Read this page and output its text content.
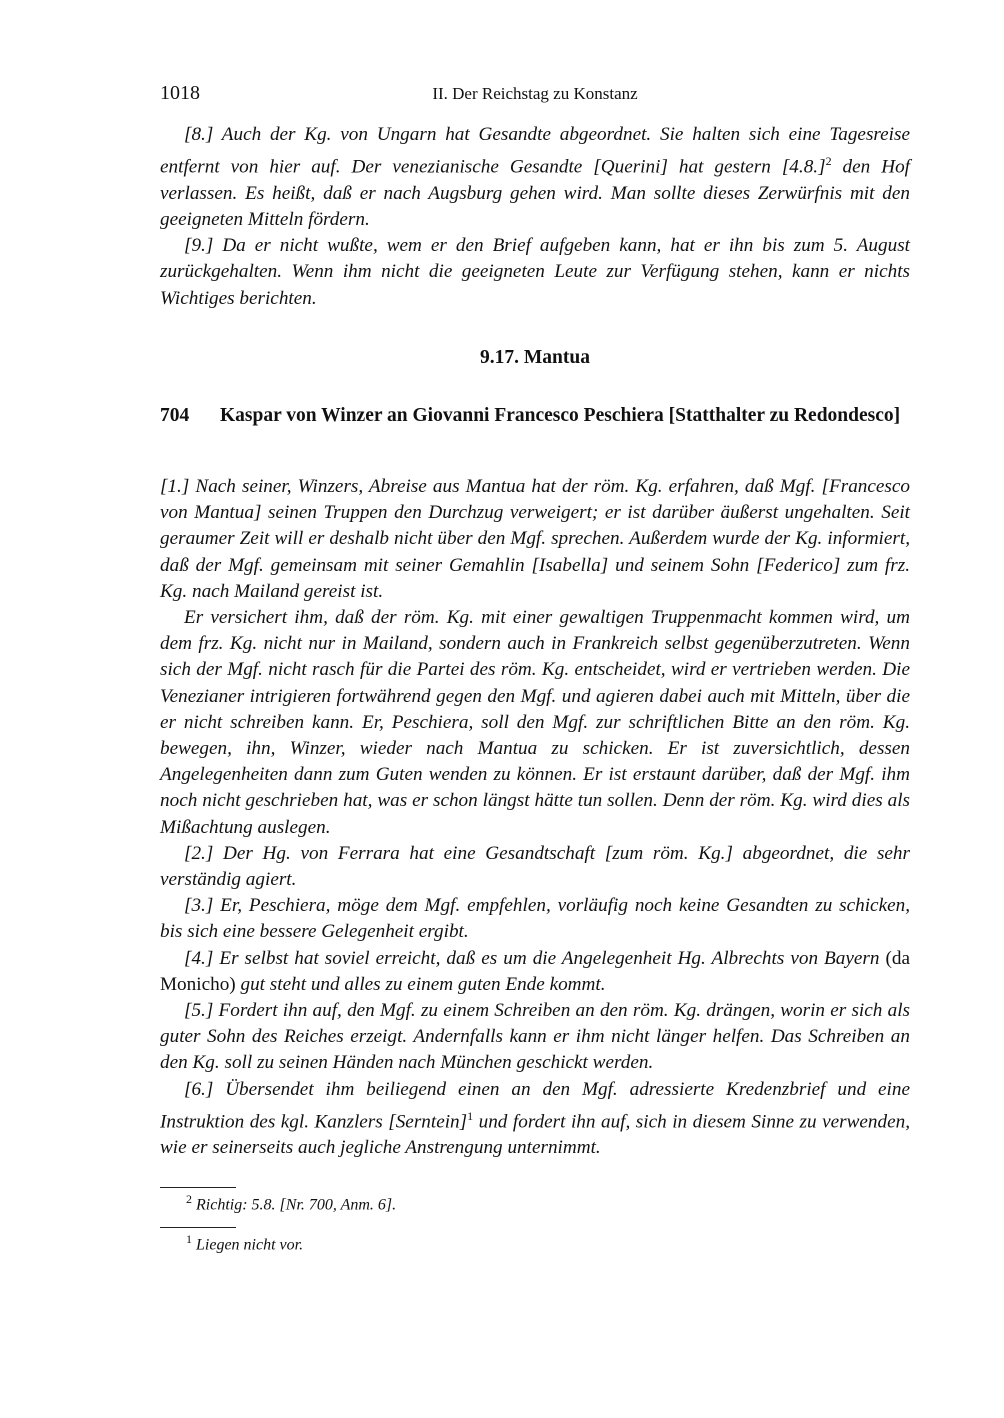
1018	II. Der Reichstag zu Konstanz

[8.] Auch der Kg. von Ungarn hat Gesandte abgeordnet. Sie halten sich eine Tagesreise entfernt von hier auf. Der venezianische Gesandte [Querini] hat gestern $[4.8.]^2$ den Hof verlassen. Es heißt, daß er nach Augsburg gehen wird. Man sollte dieses Zerwürfnis mit den geeigneten Mitteln fördern.

[9.] Da er nicht wußte, wem er den Brief aufgeben kann, hat er ihn bis zum 5. August zurückgehalten. Wenn ihm nicht die geeigneten Leute zur Verfügung stehen, kann er nichts Wichtiges berichten.

9.17. Mantua
704 Kaspar von Winzer an Giovanni Francesco Peschiera [Statthalter zu Redondesco]

[1.] Nach seiner, Winzers, Abreise aus Mantua hat der röm. Kg. erfahren, daß Mgf. [Francesco von Mantua] seinen Truppen den Durchzug verweigert; er ist darüber äußerst ungehalten. Seit geraumer Zeit will er deshalb nicht über den Mgf. sprechen. Außerdem wurde der Kg. informiert, daß der Mgf. gemeinsam mit seiner Gemahlin [Isabella] und seinem Sohn [Federico] zum frz. Kg. nach Mailand gereist ist.

Er versichert ihm, daß der röm. Kg. mit einer gewaltigen Truppenmacht kommen wird, um dem frz. Kg. nicht nur in Mailand, sondern auch in Frankreich selbst gegenüberzutreten. Wenn sich der Mgf. nicht rasch für die Partei des röm. Kg. entscheidet, wird er vertrieben werden. Die Venezianer intrigieren fortwährend gegen den Mgf. und agieren dabei auch mit Mitteln, über die er nicht schreiben kann. Er, Peschiera, soll den Mgf. zur schriftlichen Bitte an den röm. Kg. bewegen, ihn, Winzer, wieder nach Mantua zu schicken. Er ist zuversichtlich, dessen Angelegenheiten dann zum Guten wenden zu können. Er ist erstaunt darüber, daß der Mgf. ihm noch nicht geschrieben hat, was er schon längst hätte tun sollen. Denn der röm. Kg. wird dies als Mißachtung auslegen.

[2.] Der Hg. von Ferrara hat eine Gesandtschaft [zum röm. Kg.] abgeordnet, die sehr verständig agiert.

[3.] Er, Peschiera, möge dem Mgf. empfehlen, vorläufig noch keine Gesandten zu schicken, bis sich eine bessere Gelegenheit ergibt.

[4.] Er selbst hat soviel erreicht, daß es um die Angelegenheit Hg. Albrechts von Bayern (da Monicho) gut steht und alles zu einem guten Ende kommt.

[5.] Fordert ihn auf, den Mgf. zu einem Schreiben an den röm. Kg. drängen, worin er sich als guter Sohn des Reiches erzeigt. Andernfalls kann er ihm nicht länger helfen. Das Schreiben an den Kg. soll zu seinen Händen nach München geschickt werden.

[6.] Übersendet ihm beiliegend einen an den Mgf. adressierte Kredenzbrief und eine Instruktion des kgl. Kanzlers [Serntein]$^1$ und fordert ihn auf, sich in diesem Sinne zu verwenden, wie er seinerseits auch jegliche Anstrengung unternimmt.

$^2$ Richtig: 5.8. [Nr. 700, Anm. 6].
$^1$ Liegen nicht vor.
